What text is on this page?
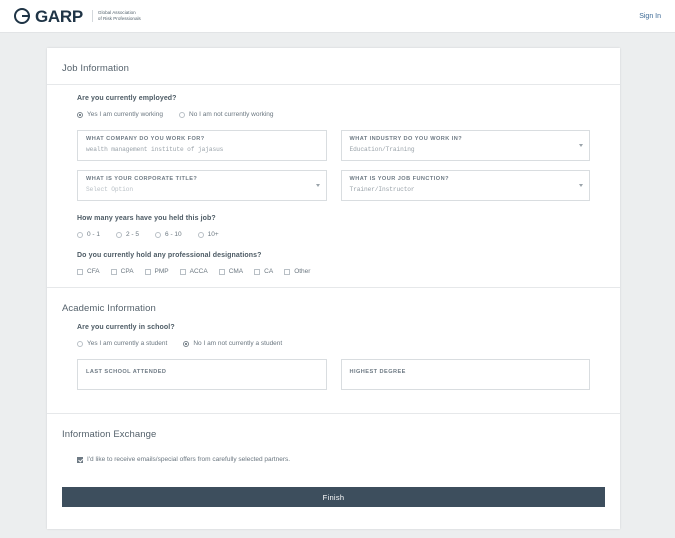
GARP	Global Association
of Risk Professionals	Sign In
Job Information
Are you currently employed?
Yes I am currently working	No I am not currently working
WHAT COMPANY DO YOU WORK FOR?
wealth management institute of jajasus
WHAT INDUSTRY DO YOU WORK IN?
Education/Training
WHAT IS YOUR CORPORATE TITLE?
Select Option
WHAT IS YOUR JOB FUNCTION?
Trainer/Instructor
How many years have you held this job?
0 - 1	2 - 5	6 - 10	10+
Do you currently hold any professional designations?
CFA	CPA	PMP	ACCA	CMA	CA	Other
Academic Information
Are you currently in school?
Yes I am currently a student	No I am not currently a student
LAST SCHOOL ATTENDED	HIGHEST DEGREE
Information Exchange
I'd like to receive emails/special offers from carefully selected partners.
Finish
